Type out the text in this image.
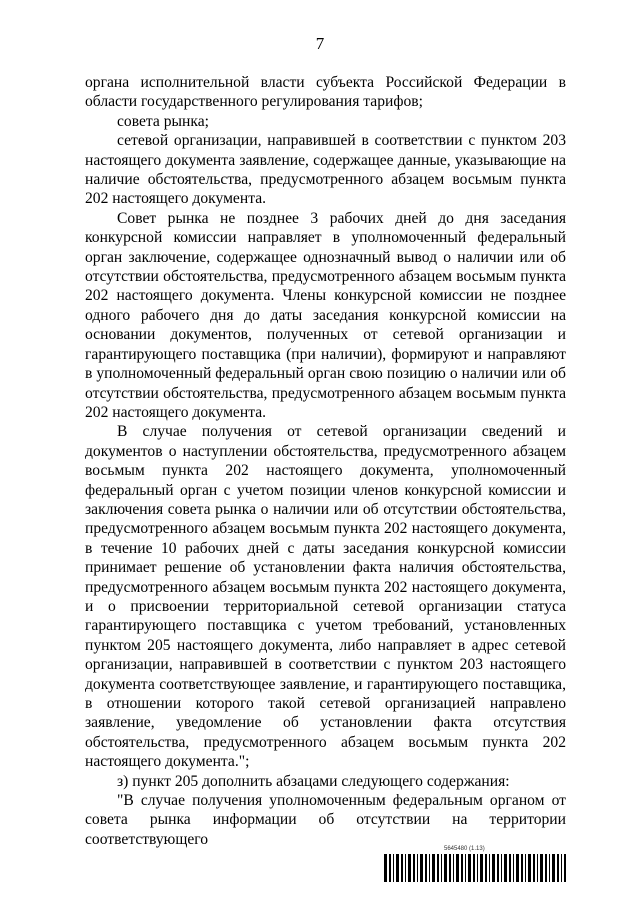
7

органа исполнительной власти субъекта Российской Федерации в области государственного регулирования тарифов;

совета рынка;

сетевой организации, направившей в соответствии с пунктом 203 настоящего документа заявление, содержащее данные, указывающие на наличие обстоятельства, предусмотренного абзацем восьмым пункта 202 настоящего документа.

Совет рынка не позднее 3 рабочих дней до дня заседания конкурсной комиссии направляет в уполномоченный федеральный орган заключение, содержащее однозначный вывод о наличии или об отсутствии обстоятельства, предусмотренного абзацем восьмым пункта 202 настоящего документа. Члены конкурсной комиссии не позднее одного рабочего дня до даты заседания конкурсной комиссии на основании документов, полученных от сетевой организации и гарантирующего поставщика (при наличии), формируют и направляют в уполномоченный федеральный орган свою позицию о наличии или об отсутствии обстоятельства, предусмотренного абзацем восьмым пункта 202 настоящего документа.

В случае получения от сетевой организации сведений и документов о наступлении обстоятельства, предусмотренного абзацем восьмым пункта 202 настоящего документа, уполномоченный федеральный орган с учетом позиции членов конкурсной комиссии и заключения совета рынка о наличии или об отсутствии обстоятельства, предусмотренного абзацем восьмым пункта 202 настоящего документа, в течение 10 рабочих дней с даты заседания конкурсной комиссии принимает решение об установлении факта наличия обстоятельства, предусмотренного абзацем восьмым пункта 202 настоящего документа, и о присвоении территориальной сетевой организации статуса гарантирующего поставщика с учетом требований, установленных пунктом 205 настоящего документа, либо направляет в адрес сетевой организации, направившей в соответствии с пунктом 203 настоящего документа соответствующее заявление, и гарантирующего поставщика, в отношении которого такой сетевой организацией направлено заявление, уведомление об установлении факта отсутствия обстоятельства, предусмотренного абзацем восьмым пункта 202 настоящего документа.";

з) пункт 205 дополнить абзацами следующего содержания:

"В случае получения уполномоченным федеральным органом от совета рынка информации об отсутствии на территории соответствующего

5645480 (1.13)
